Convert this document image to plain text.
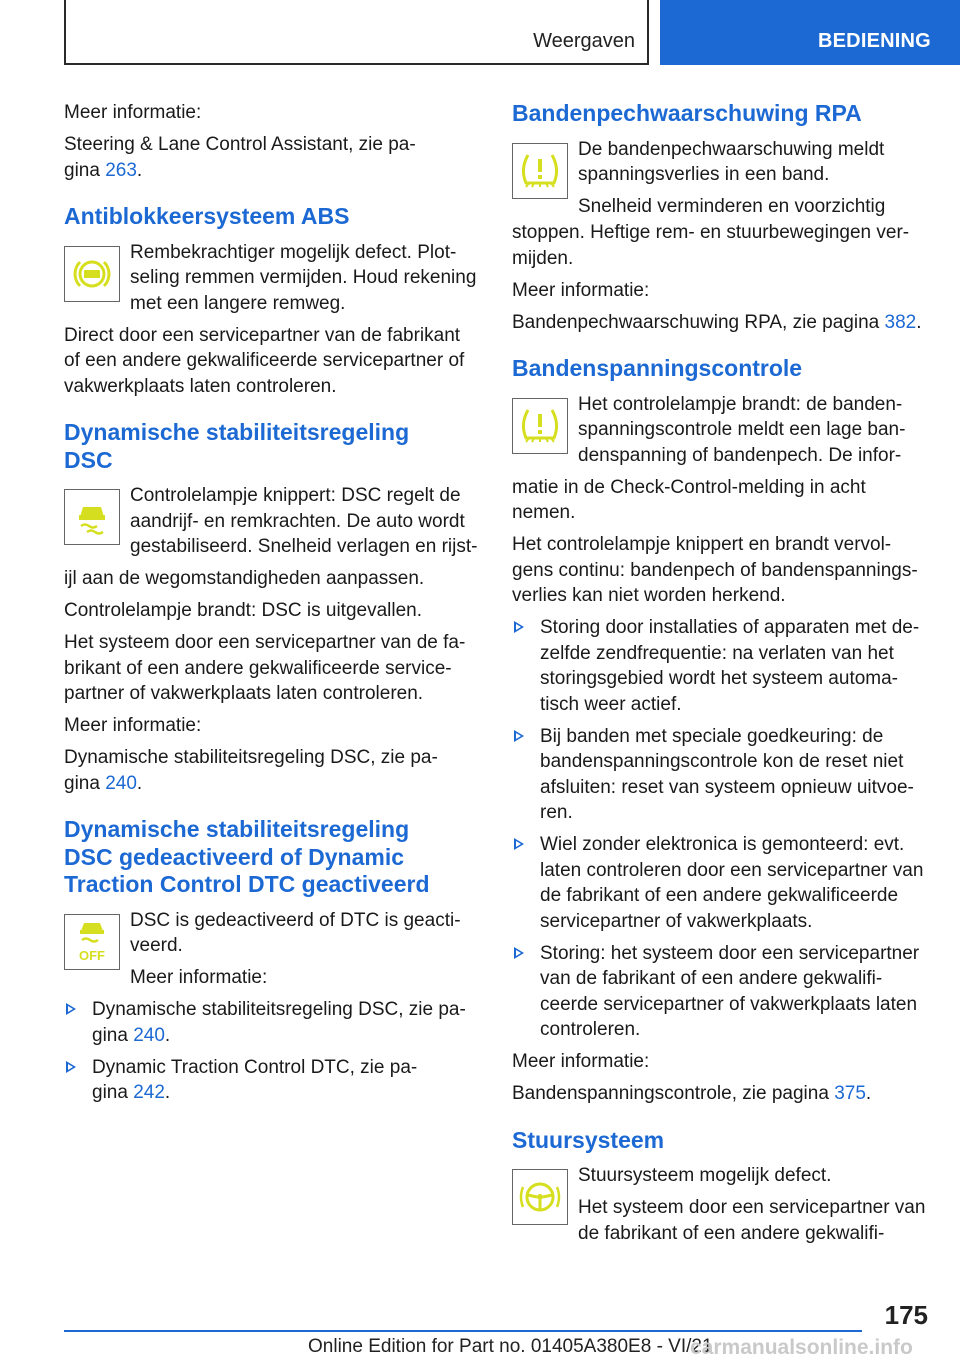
Weergaven	BEDIENING

Meer informatie:

Steering & Lane Control Assistant, zie pa-
gina 263.

Antiblokkeersysteem ABS

Rembekrachtiger mogelijk defect. Plot-
seling remmen vermijden. Houd rekening
met een langere remweg.

Direct door een servicepartner van de fabrikant
of een andere gekwalificeerde servicepartner of
vakwerkplaats laten controleren.

Dynamische stabiliteitsregeling
DSC

Controlelampje knippert: DSC regelt de
aandrijf- en remkrachten. De auto wordt
gestabiliseerd. Snelheid verlagen en rijst-

ijl aan de wegomstandigheden aanpassen.

Controlelampje brandt: DSC is uitgevallen.

Het systeem door een servicepartner van de fa-
brikant of een andere gekwalificeerde service-
partner of vakwerkplaats laten controleren.

Meer informatie:

Dynamische stabiliteitsregeling DSC, zie pa-
gina 240.

Dynamische stabiliteitsregeling
DSC gedeactiveerd of Dynamic
Traction Control DTC geactiveerd
OFF

DSC is gedeactiveerd of DTC is geacti-
veerd.

Meer informatie:

Dynamische stabiliteitsregeling DSC, zie pa-
gina 240.
Dynamic Traction Control DTC, zie pa-
gina 242.
Bandenpechwaarschuwing RPA

De bandenpechwaarschuwing meldt
spanningsverlies in een band.

Snelheid verminderen en voorzichtig

stoppen. Heftige rem- en stuurbewegingen ver-
mijden.

Meer informatie:

Bandenpechwaarschuwing RPA, zie pagina 382.

Bandenspanningscontrole

Het controlelampje brandt: de banden-
spanningscontrole meldt een lage ban-
denspanning of bandenpech. De infor-

matie in de Check-Control-melding in acht
nemen.

Het controlelampje knippert en brandt vervol-
gens continu: bandenpech of bandenspannings-
verlies kan niet worden herkend.

Storing door installaties of apparaten met de-
zelfde zendfrequentie: na verlaten van het
storingsgebied wordt het systeem automa-
tisch weer actief.
Bij banden met speciale goedkeuring: de
bandenspanningscontrole kon de reset niet
afsluiten: reset van systeem opnieuw uitvoe-
ren.
Wiel zonder elektronica is gemonteerd: evt.
laten controleren door een servicepartner van
de fabrikant of een andere gekwalificeerde
servicepartner of vakwerkplaats.
Storing: het systeem door een servicepartner
van de fabrikant of een andere gekwalifi-
ceerde servicepartner of vakwerkplaats laten
controleren.

Meer informatie:

Bandenspanningscontrole, zie pagina 375.

Stuursysteem

Stuursysteem mogelijk defect.

Het systeem door een servicepartner van
de fabrikant of een andere gekwalifi-

175
Online Edition for Part no. 01405A380E8 - VI/21
carmanualsonline.info
